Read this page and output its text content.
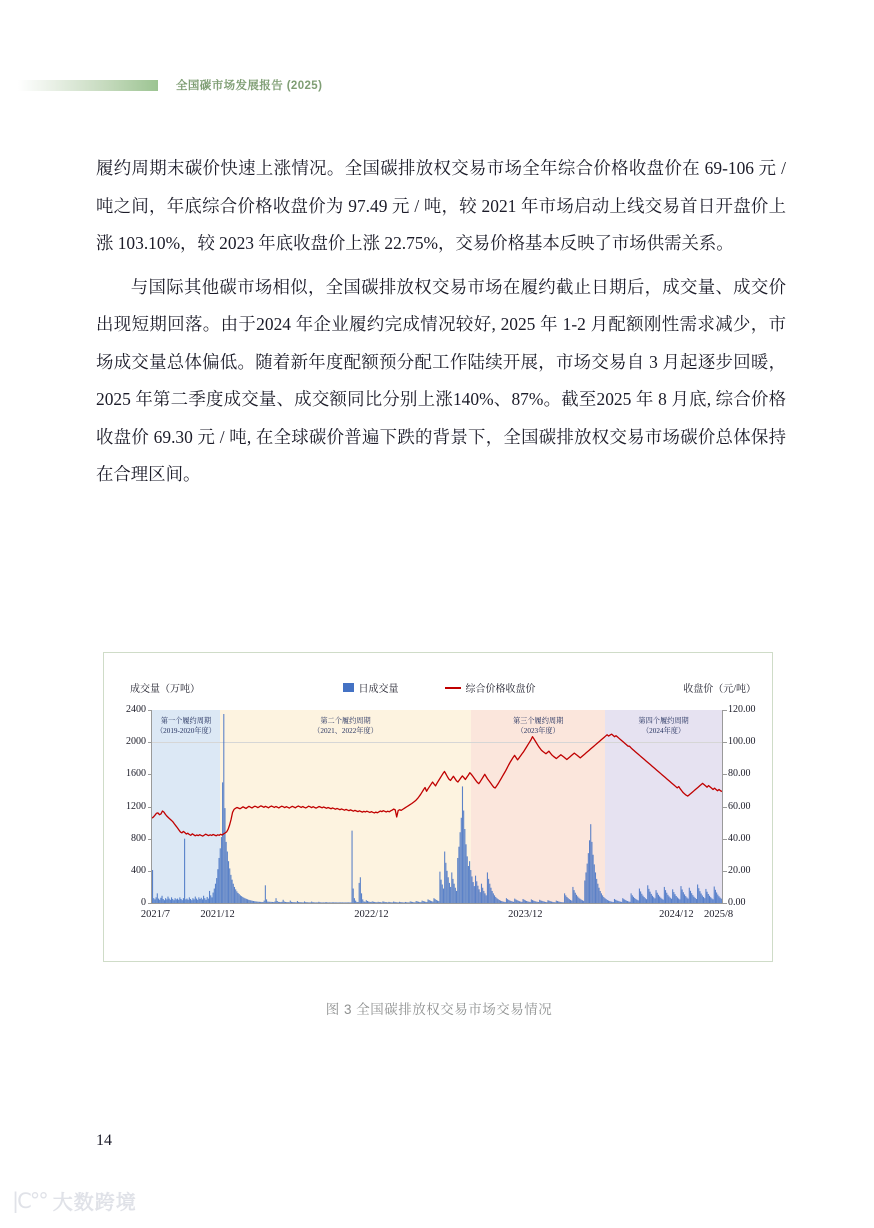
全国碳市场发展报告 (2025)

履约周期末碳价快速上涨情况。全国碳排放权交易市场全年综合价格收盘价在 69-106 元 / 吨之间，年底综合价格收盘价为 97.49 元 / 吨，较 2021 年市场启动上线交易首日开盘价上涨 103.10%，较 2023 年底收盘价上涨 22.75%，交易价格基本反映了市场供需关系。

与国际其他碳市场相似，全国碳排放权交易市场在履约截止日期后，成交量、成交价出现短期回落。由于2024 年企业履约完成情况较好, 2025 年 1-2 月配额刚性需求减少，市场成交量总体偏低。随着新年度配额预分配工作陆续开展，市场交易自 3 月起逐步回暖，2025 年第二季度成交量、成交额同比分别上涨140%、87%。截至2025 年 8 月底, 综合价格收盘价 69.30 元 / 吨, 在全球碳价普遍下跌的背景下，全国碳排放权交易市场碳价总体保持在合理区间。

成交量（万吨）	收盘价（元/吨）
日成交量	综合价格收盘价
第一个履约周期
（2019-2020年度）
第二个履约周期
（2021、2022年度）
第三个履约周期
（2023年度）
第四个履约周期
（2024年度）
0
400
800
1200
1600
2000
2400
0.00
20.00
40.00
60.00
80.00
100.00
120.00
2021/7	2021/12	2022/12	2023/12	2024/12 2025/8
图 3 全国碳排放权交易市场交易情况
14
|C°° 大数跨境
